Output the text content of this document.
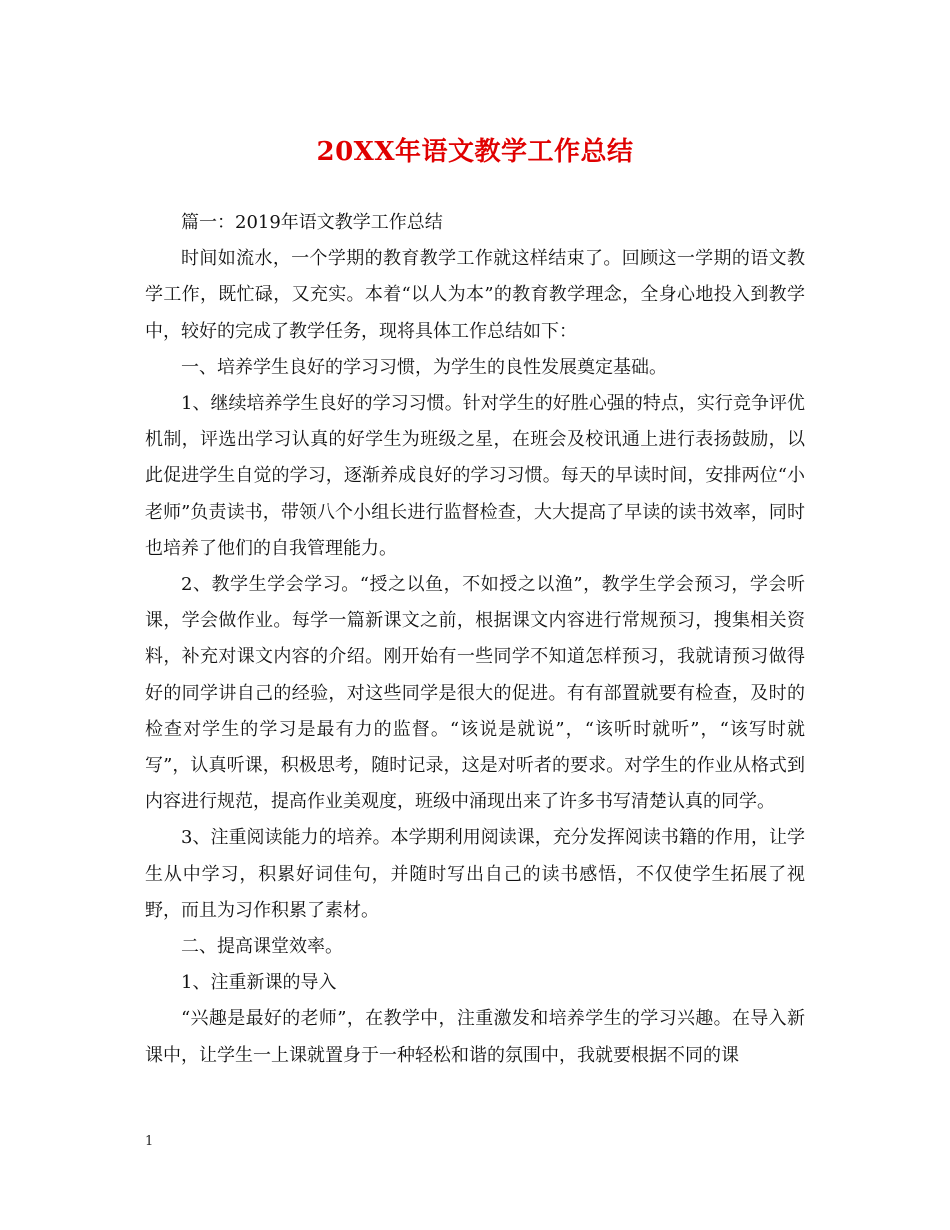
20XX年语文教学工作总结

篇一：2019年语文教学工作总结

时间如流水，一个学期的教育教学工作就这样结束了。回顾这一学期的语文教学工作，既忙碌，又充实。本着“以人为本”的教育教学理念，全身心地投入到教学中，较好的完成了教学任务，现将具体工作总结如下：

一、培养学生良好的学习习惯，为学生的良性发展奠定基础。

1、继续培养学生良好的学习习惯。针对学生的好胜心强的特点，实行竞争评优机制，评选出学习认真的好学生为班级之星，在班会及校讯通上进行表扬鼓励，以此促进学生自觉的学习，逐渐养成良好的学习习惯。每天的早读时间，安排两位“小老师”负责读书，带领八个小组长进行监督检查，大大提高了早读的读书效率，同时也培养了他们的自我管理能力。

2、教学生学会学习。“授之以鱼，不如授之以渔”，教学生学会预习，学会听课，学会做作业。每学一篇新课文之前，根据课文内容进行常规预习，搜集相关资料，补充对课文内容的介绍。刚开始有一些同学不知道怎样预习，我就请预习做得好的同学讲自己的经验，对这些同学是很大的促进。有有部置就要有检查，及时的检查对学生的学习是最有力的监督。“该说是就说”，“该听时就听”，“该写时就写”，认真听课，积极思考，随时记录，这是对听者的要求。对学生的作业从格式到内容进行规范，提高作业美观度，班级中涌现出来了许多书写清楚认真的同学。

3、注重阅读能力的培养。本学期利用阅读课，充分发挥阅读书籍的作用，让学生从中学习，积累好词佳句，并随时写出自己的读书感悟，不仅使学生拓展了视野，而且为习作积累了素材。

二、提高课堂效率。

1、注重新课的导入

“兴趣是最好的老师”，在教学中，注重激发和培养学生的学习兴趣。在导入新课中，让学生一上课就置身于一种轻松和谐的氛围中，我就要根据不同的课

1
